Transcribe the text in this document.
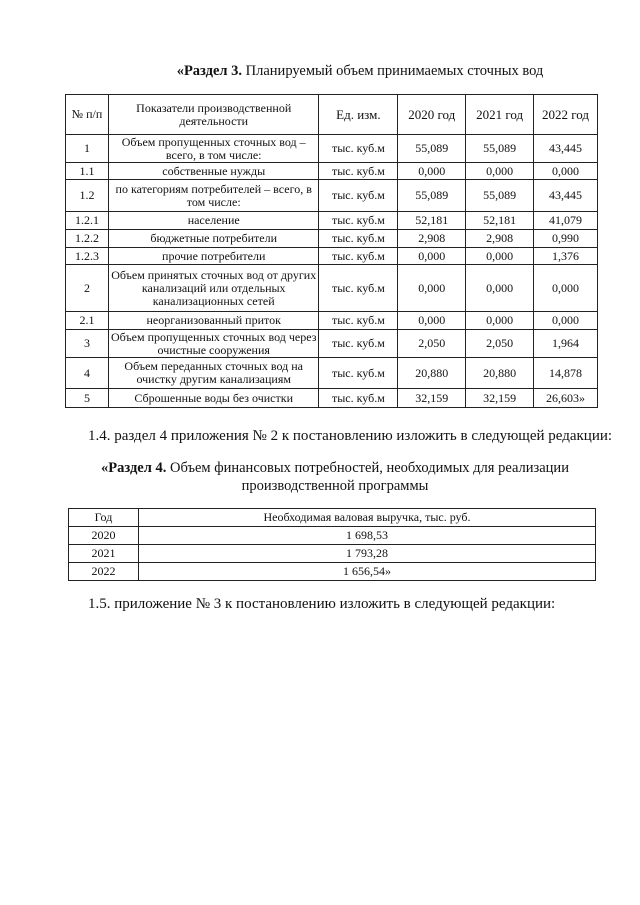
«Раздел 3. Планируемый объем принимаемых сточных вод
№ п/п	Показатели производственной деятельности	Ед. изм.	2020 год	2021 год	2022 год
1	Объем пропущенных сточных вод – всего, в том числе:	тыс. куб.м	55,089	55,089	43,445
1.1	собственные нужды	тыс. куб.м	0,000	0,000	0,000
1.2	по категориям потребителей – всего, в том числе:	тыс. куб.м	55,089	55,089	43,445
1.2.1	население	тыс. куб.м	52,181	52,181	41,079
1.2.2	бюджетные потребители	тыс. куб.м	2,908	2,908	0,990
1.2.3	прочие потребители	тыс. куб.м	0,000	0,000	1,376
2	Объем принятых сточных вод от других канализаций или отдельных канализационных сетей	тыс. куб.м	0,000	0,000	0,000
2.1	неорганизованный приток	тыс. куб.м	0,000	0,000	0,000
3	Объем пропущенных сточных вод через очистные сооружения	тыс. куб.м	2,050	2,050	1,964
4	Объем переданных сточных вод на очистку другим канализациям	тыс. куб.м	20,880	20,880	14,878
5	Сброшенные воды без очистки	тыс. куб.м	32,159	32,159	26,603»
1.4. раздел 4 приложения № 2 к постановлению изложить в следующей редакции:
«Раздел 4. Объем финансовых потребностей, необходимых для реализации
производственной программы
Год	Необходимая валовая выручка, тыс. руб.
2020	1 698,53
2021	1 793,28
2022	1 656,54»
1.5. приложение № 3 к постановлению изложить в следующей редакции:
